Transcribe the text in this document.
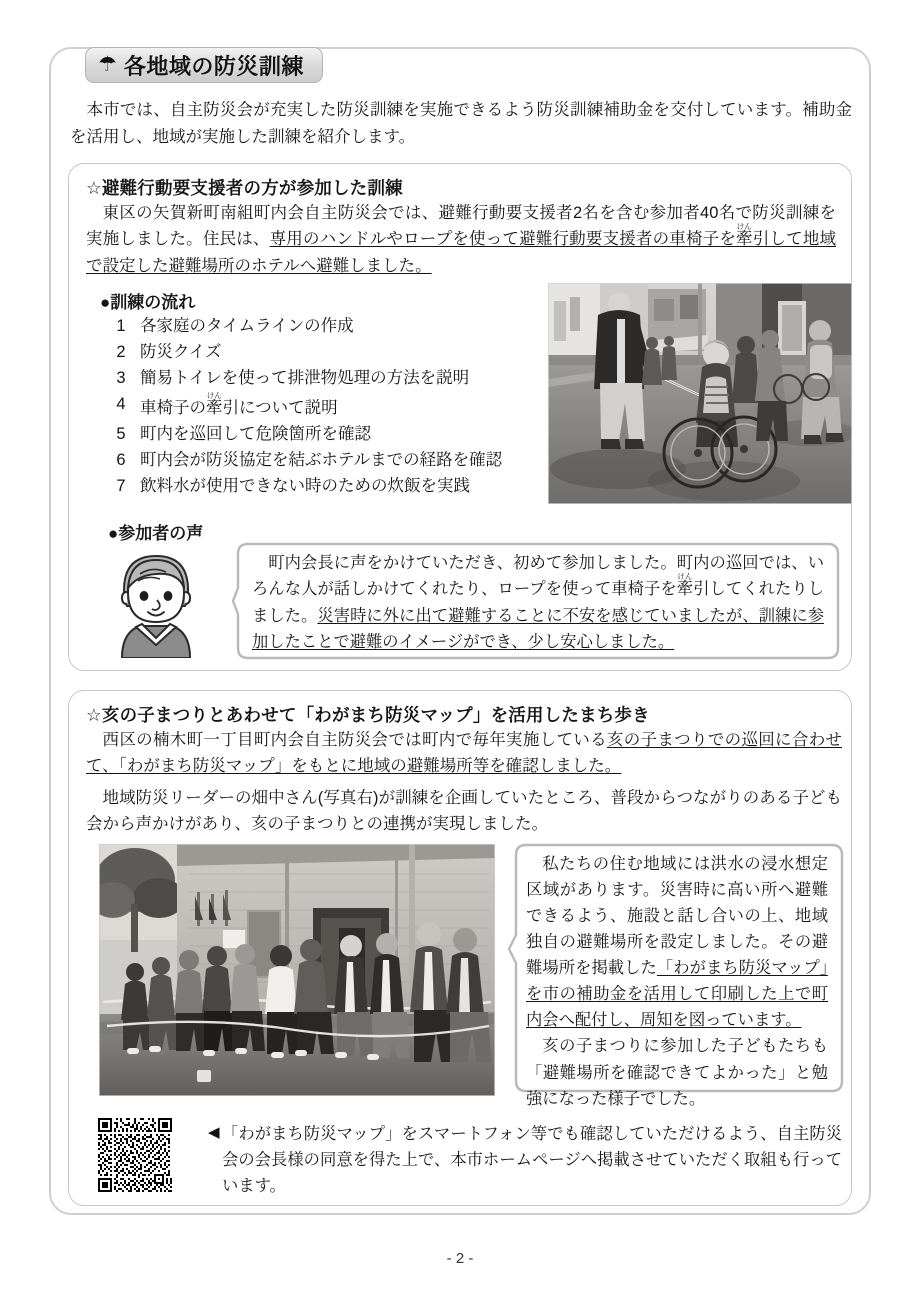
☂ 各地域の防災訓練
本市では、自主防災会が充実した防災訓練を実施できるよう防災訓練補助金を交付しています。補助金を活用し、地域が実施した訓練を紹介します。
☆避難行動要支援者の方が参加した訓練

東区の矢賀新町南組町内会自主防災会では、避難行動要支援者2名を含む参加者40名で防災訓練を実施しました。住民は、専用のハンドルやロープを使って避難行動要支援者の車椅子を牽けん引して地域で設定した避難場所のホテルへ避難しました。

●訓練の流れ
1 各家庭のタイムラインの作成
2 防災クイズ
3 簡易トイレを使って排泄物処理の方法を説明
4 車椅子の牽けん引について説明
5 町内を巡回して危険箇所を確認
6 町内会が防災協定を結ぶホテルまでの経路を確認
7 飲料水が使用できない時のための炊飯を実践
●参加者の声
町内会長に声をかけていただき、初めて参加しました。町内の巡回では、いろんな人が話しかけてくれたり、ロープを使って車椅子を牽けん引してくれたりしました。災害時に外に出て避難することに不安を感じていましたが、訓練に参加したことで避難のイメージができ、少し安心しました。
☆亥の子まつりとあわせて「わがまち防災マップ」を活用したまち歩き

西区の楠木町一丁目町内会自主防災会では町内で毎年実施している亥の子まつりでの巡回に合わせて、「わがまち防災マップ」をもとに地域の避難場所等を確認しました。

地域防災リーダーの畑中さん(写真右)が訓練を企画していたところ、普段からつながりのある子ども会から声かけがあり、亥の子まつりとの連携が実現しました。

私たちの住む地域には洪水の浸水想定区域があります。災害時に高い所へ避難できるよう、施設と話し合いの上、地域独自の避難場所を設定しました。その避難場所を掲載した「わがまち防災マップ」を市の補助金を活用して印刷した上で町内会へ配付し、周知を図っています。

亥の子まつりに参加した子どもたちも「避難場所を確認できてよかった」と勉強になった様子でした。

◀ 「わがまち防災マップ」をスマートフォン等でも確認していただけるよう、自主防災会の会長様の同意を得た上で、本市ホームページへ掲載させていただく取組も行っています。
- 2 -
